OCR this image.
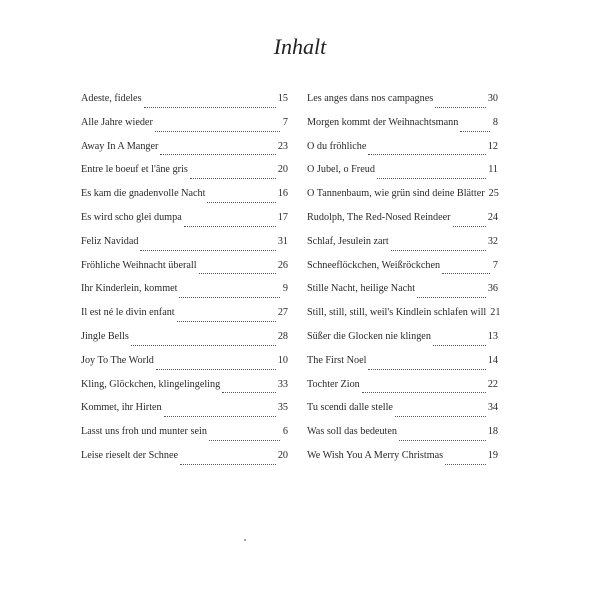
Inhalt
Adeste, fideles	15
Alle Jahre wieder	7
Away In A Manger	23
Entre le boeuf et l'âne gris	20
Es kam die gnadenvolle Nacht	16
Es wird scho glei dumpa	17
Feliz Navidad	31
Fröhliche Weihnacht überall	26
Ihr Kinderlein, kommet	9
Il est né le divin enfant	27
Jingle Bells	28
Joy To The World	10
Kling, Glöckchen, klingelingeling	33
Kommet, ihr Hirten	35
Lasst uns froh und munter sein	6
Leise rieselt der Schnee	20
Les anges dans nos campagnes	30
Morgen kommt der Weihnachtsmann	8
O du fröhliche	12
O Jubel, o Freud	11
O Tannenbaum, wie grün sind deine Blätter 25
Rudolph, The Red-Nosed Reindeer	24
Schlaf, Jesulein zart	32
Schneeflöckchen, Weißröckchen	7
Stille Nacht, heilige Nacht	36
Still, still, still, weil's Kindlein schlafen will 21
Süßer die Glocken nie klingen	13
The First Noel	14
Tochter Zion	22
Tu scendi dalle stelle	34
Was soll das bedeuten	18
We Wish You A Merry Christmas	19
